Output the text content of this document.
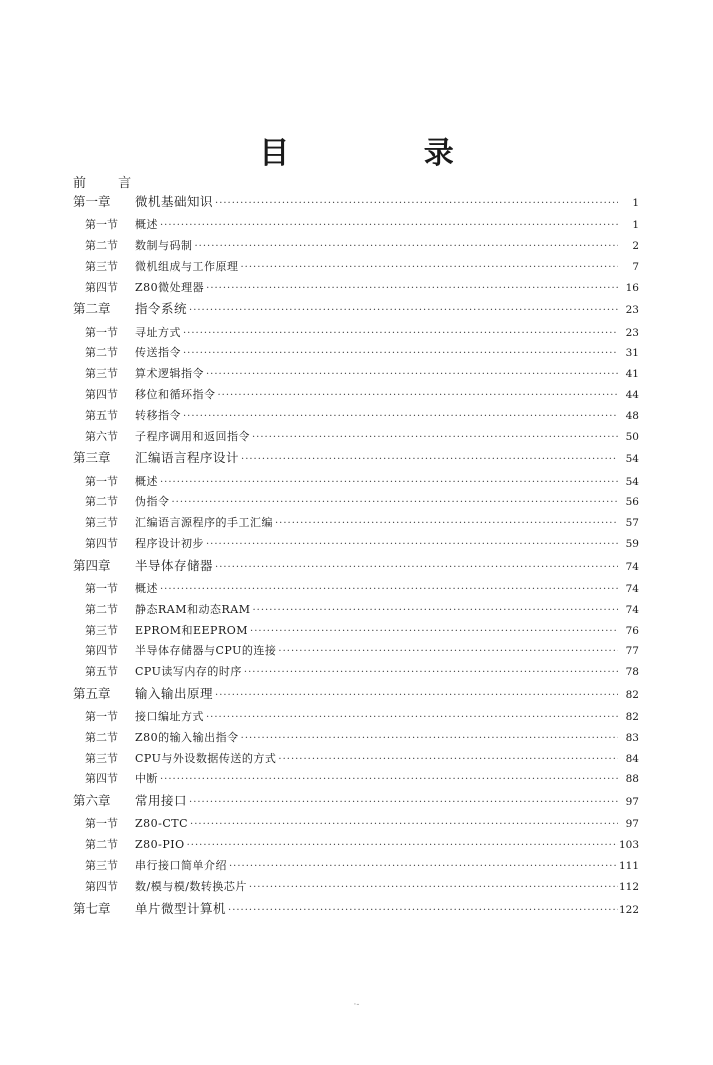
目 录
前 言
第一章	微机基础知识 ·····	1
第一节	概述 ·····	1
第二节	数制与码制 ·····	2
第三节	微机组成与工作原理 ·····	7
第四节	Z80微处理器 ·····	16
第二章	指令系统 ·····	23
第一节	寻址方式 ·····	23
第二节	传送指令 ·····	31
第三节	算术逻辑指令 ·····	41
第四节	移位和循环指令 ·····	44
第五节	转移指令 ·····	48
第六节	子程序调用和返回指令 ·····	50
第三章	汇编语言程序设计 ·····	54
第一节	概述 ·····	54
第二节	伪指令 ·····	56
第三节	汇编语言源程序的手工汇编 ·····	57
第四节	程序设计初步 ·····	59
第四章	半导体存储器 ·····	74
第一节	概述 ·····	74
第二节	静态RAM和动态RAM ·····	74
第三节	EPROM和EEPROM ·····	76
第四节	半导体存储器与CPU的连接 ·····	77
第五节	CPU读写内存的时序 ·····	78
第五章	输入输出原理 ·····	82
第一节	接口编址方式 ·····	82
第二节	Z80的输入输出指令 ·····	83
第三节	CPU与外设数据传送的方式 ·····	84
第四节	中断 ·····	88
第六章	常用接口 ·····	97
第一节	Z80-CTC ·····	97
第二节	Z80-PIO ·····	103
第三节	串行接口简单介绍 ·····	111
第四节	数/模与模/数转换芯片 ·····	112
第七章	单片微型计算机 ·····	122
·-
